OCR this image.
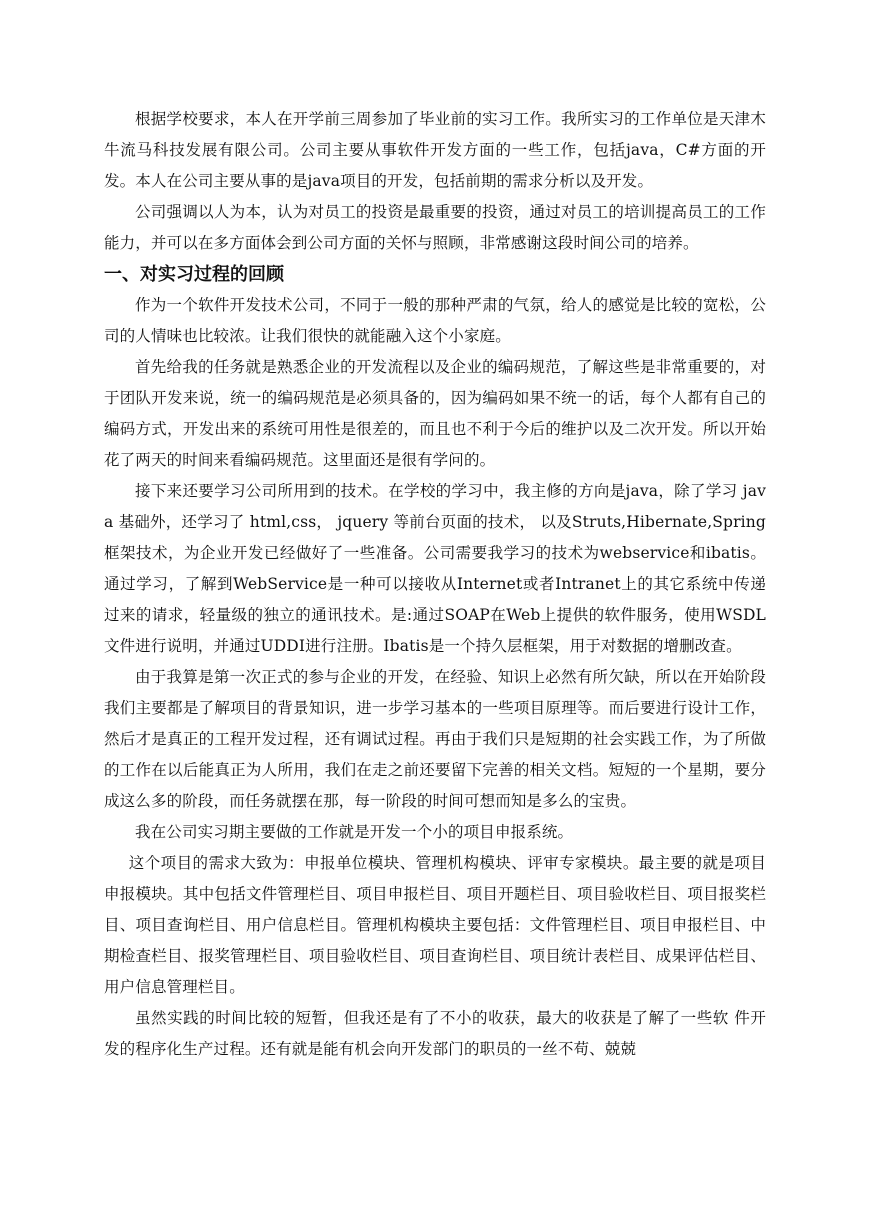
根据学校要求，本人在开学前三周参加了毕业前的实习工作。我所实习的工作单位是天津木牛流马科技发展有限公司。公司主要从事软件开发方面的一些工作，包括java，C#方面的开发。本人在公司主要从事的是java项目的开发，包括前期的需求分析以及开发。

公司强调以人为本，认为对员工的投资是最重要的投资，通过对员工的培训提高员工的工作能力，并可以在多方面体会到公司方面的关怀与照顾，非常感谢这段时间公司的培养。

一、对实习过程的回顾

作为一个软件开发技术公司，不同于一般的那种严肃的气氛，给人的感觉是比较的宽松，公司的人情味也比较浓。让我们很快的就能融入这个小家庭。

首先给我的任务就是熟悉企业的开发流程以及企业的编码规范，了解这些是非常重要的，对于团队开发来说，统一的编码规范是必须具备的，因为编码如果不统一的话，每个人都有自己的编码方式，开发出来的系统可用性是很差的，而且也不利于今后的维护以及二次开发。所以开始花了两天的时间来看编码规范。这里面还是很有学问的。

接下来还要学习公司所用到的技术。在学校的学习中，我主修的方向是java，除了学习 java 基础外，还学习了 html,css， jquery 等前台页面的技术， 以及Struts,Hibernate,Spring框架技术，为企业开发已经做好了一些准备。公司需要我学习的技术为webservice和ibatis。通过学习，了解到WebService是一种可以接收从Internet或者Intranet上的其它系统中传递过来的请求，轻量级的独立的通讯技术。是:通过SOAP在Web上提供的软件服务，使用WSDL文件进行说明，并通过UDDI进行注册。Ibatis是一个持久层框架，用于对数据的增删改查。

由于我算是第一次正式的参与企业的开发，在经验、知识上必然有所欠缺，所以在开始阶段我们主要都是了解项目的背景知识，进一步学习基本的一些项目原理等。而后要进行设计工作，然后才是真正的工程开发过程，还有调试过程。再由于我们只是短期的社会实践工作，为了所做的工作在以后能真正为人所用，我们在走之前还要留下完善的相关文档。短短的一个星期，要分成这么多的阶段，而任务就摆在那，每一阶段的时间可想而知是多么的宝贵。

我在公司实习期主要做的工作就是开发一个小的项目申报系统。

这个项目的需求大致为：申报单位模块、管理机构模块、评审专家模块。最主要的就是项目申报模块。其中包括文件管理栏目、项目申报栏目、项目开题栏目、项目验收栏目、项目报奖栏目、项目查询栏目、用户信息栏目。管理机构模块主要包括：文件管理栏目、项目申报栏目、中期检查栏目、报奖管理栏目、项目验收栏目、项目查询栏目、项目统计表栏目、成果评估栏目、用户信息管理栏目。

虽然实践的时间比较的短暂，但我还是有了不小的收获，最大的收获是了解了一些软 件开发的程序化生产过程。还有就是能有机会向开发部门的职员的一丝不苟、兢兢
